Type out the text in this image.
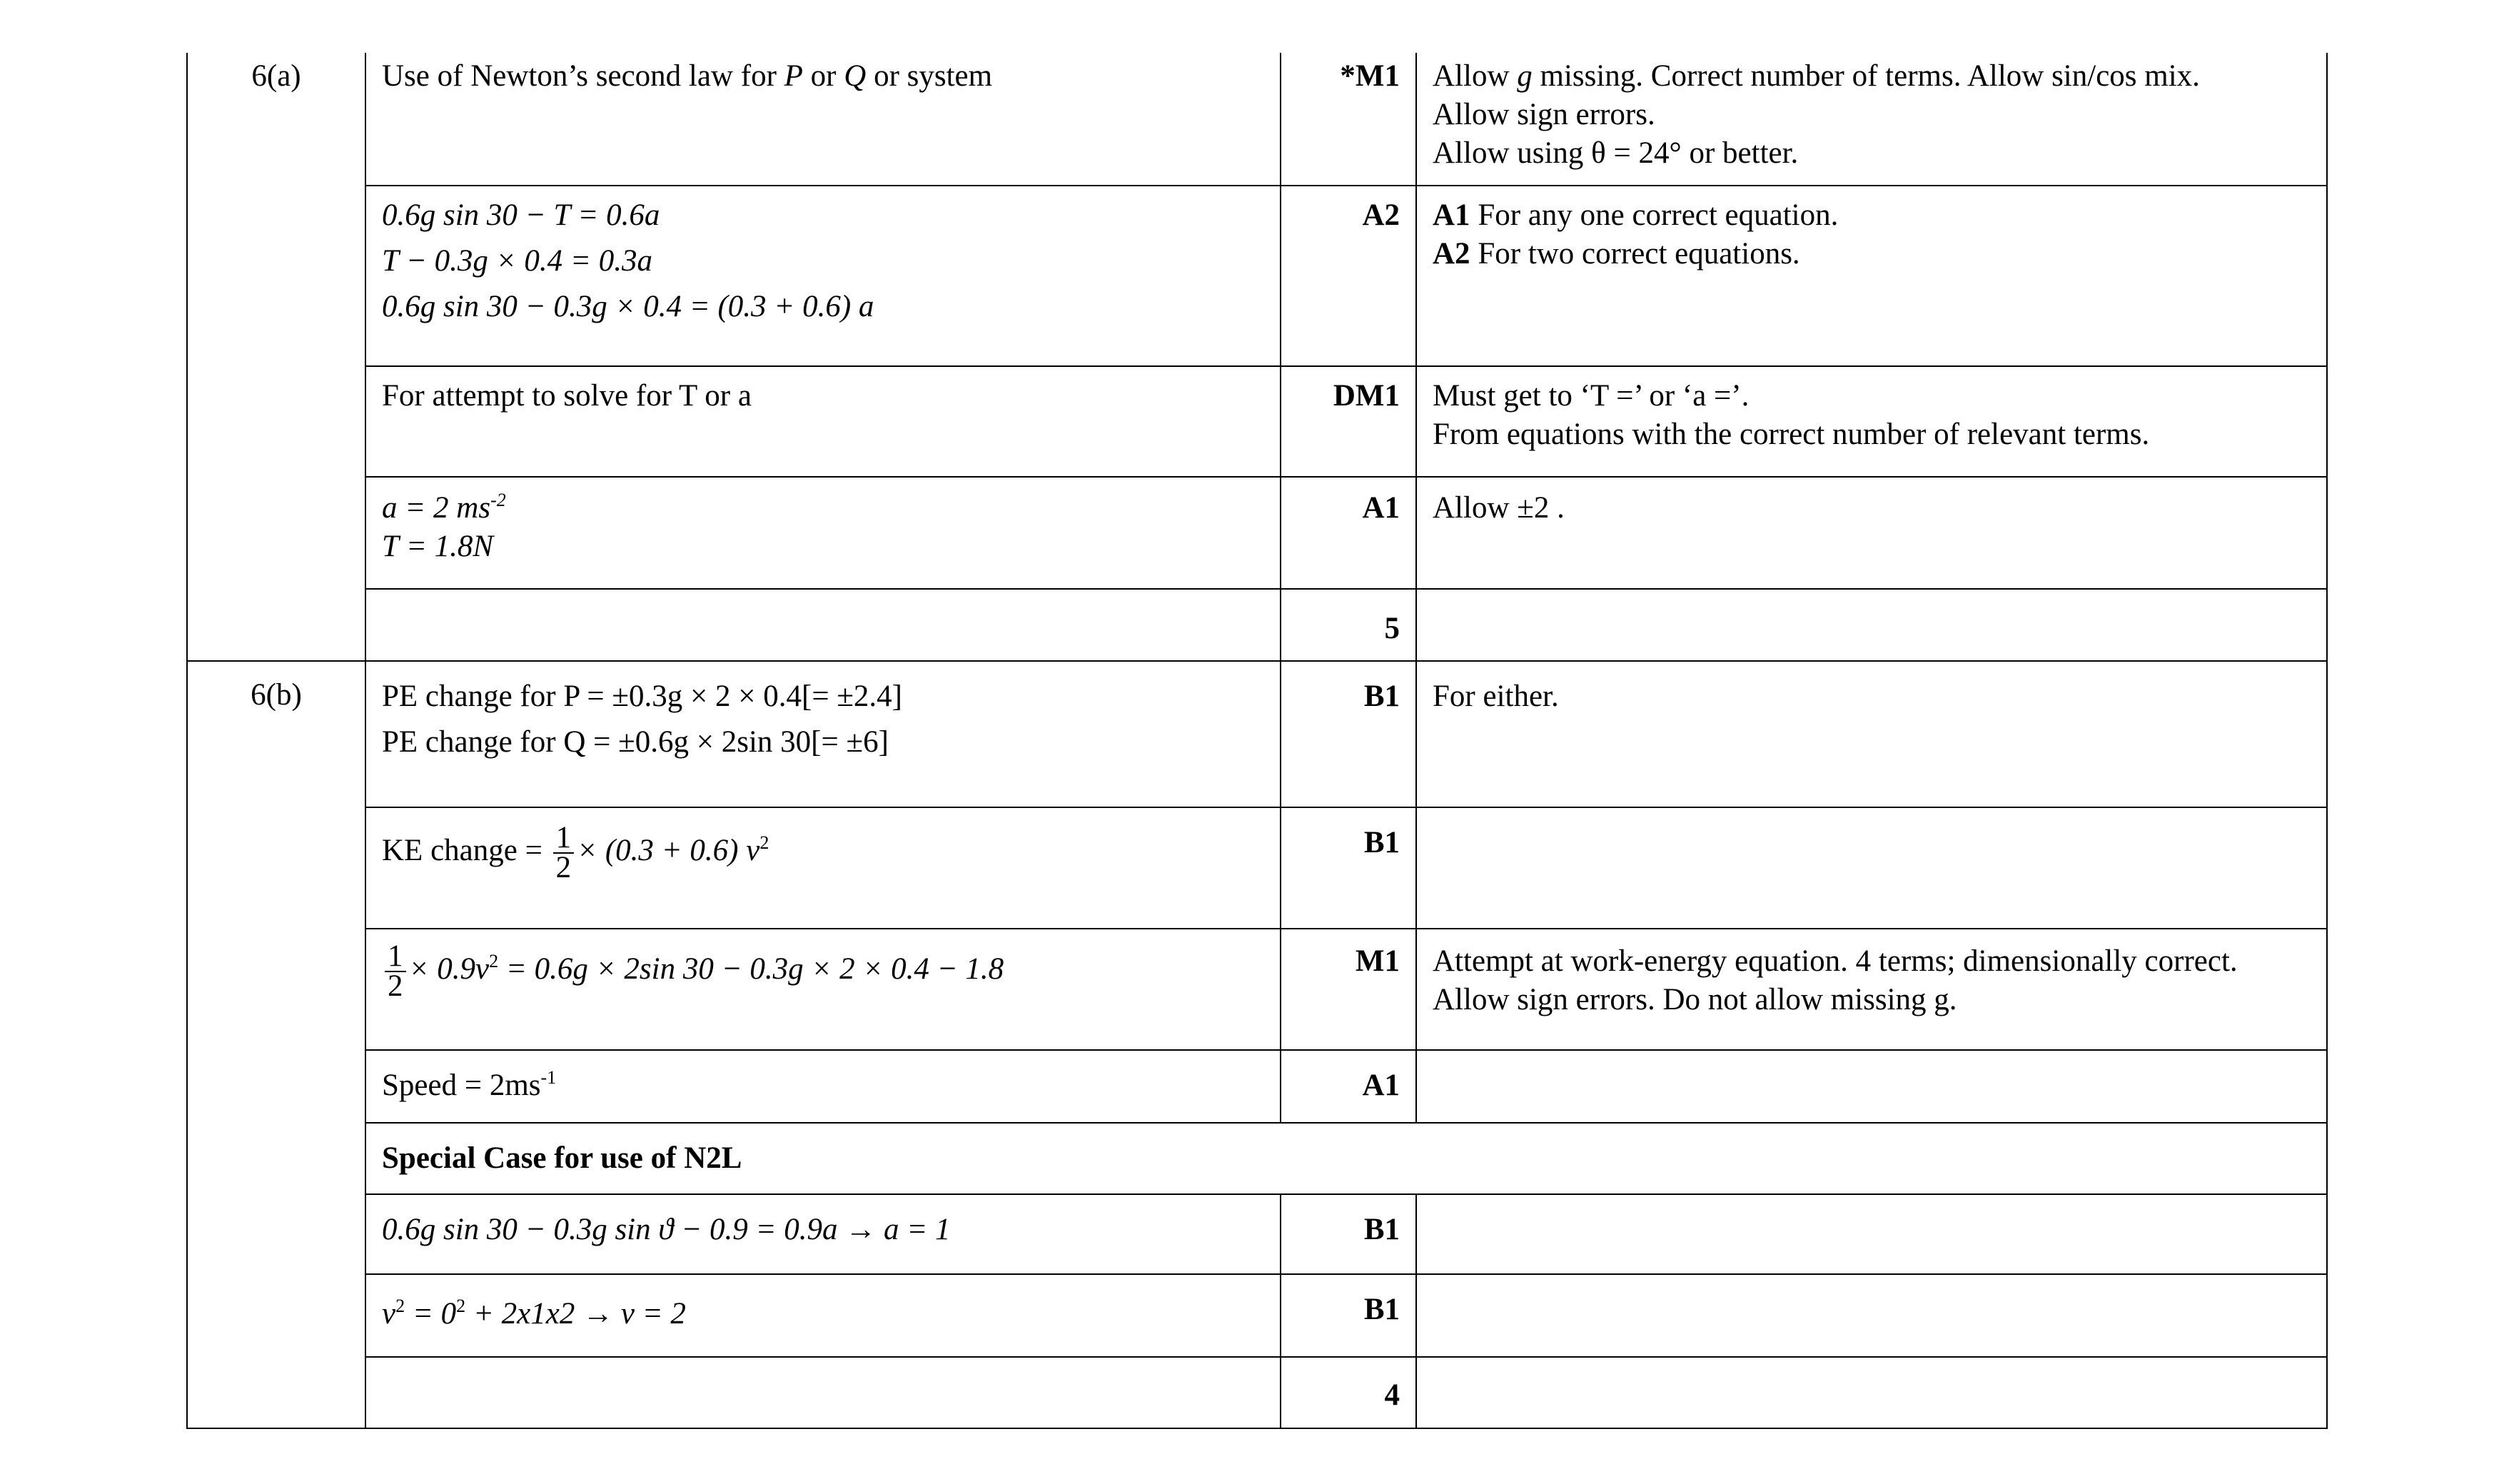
6(a)	Use of Newton’s second law for P or Q or system	*M1	Allow g missing. Correct number of terms. Allow sin/cos mix.
Allow sign errors.
Allow using θ = 24° or better.

	0.6g sin 30 − T = 0.6a
T − 0.3g × 0.4 = 0.3a
0.6g sin 30 − 0.3g × 0.4 = (0.3 + 0.6) a	A2	A1 For any one correct equation.
A2 For two correct equations.

	For attempt to solve for T or a	DM1	Must get to ‘T =’ or ‘a =’.
From equations with the correct number of relevant terms.

	a = 2 $ms^{-2}$
T = 1.8N	A1	Allow ±2 .
		5	
6(b)	PE change for P = ±0.3g × 2 × 0.4[= ±2.4]
PE change for Q = ±0.6g × 2sin 30[= ±6]	B1	For either.
	KE change = $\frac{1}{2} \times (0.3 + 0.6)$ $v^2$	B1	

	$\frac{1}{2} \times 0.9v^2 = 0.6g \times 2\sin$ 30 − 0.3g × 2 × 0.4 − 1.8	M1	Attempt at work-energy equation. 4 terms; dimensionally correct.
Allow sign errors. Do not allow missing g.

	Speed = $2ms^{-1}$	A1	
	Special Case for use of N2L		
	0.6g sin 30 − 0.3g sin ϑ − 0.9 = 0.9a → a = 1	B1	
	$v^2 = 0^2 + 2x1x2 \to v = 2$	B1	
		4	
